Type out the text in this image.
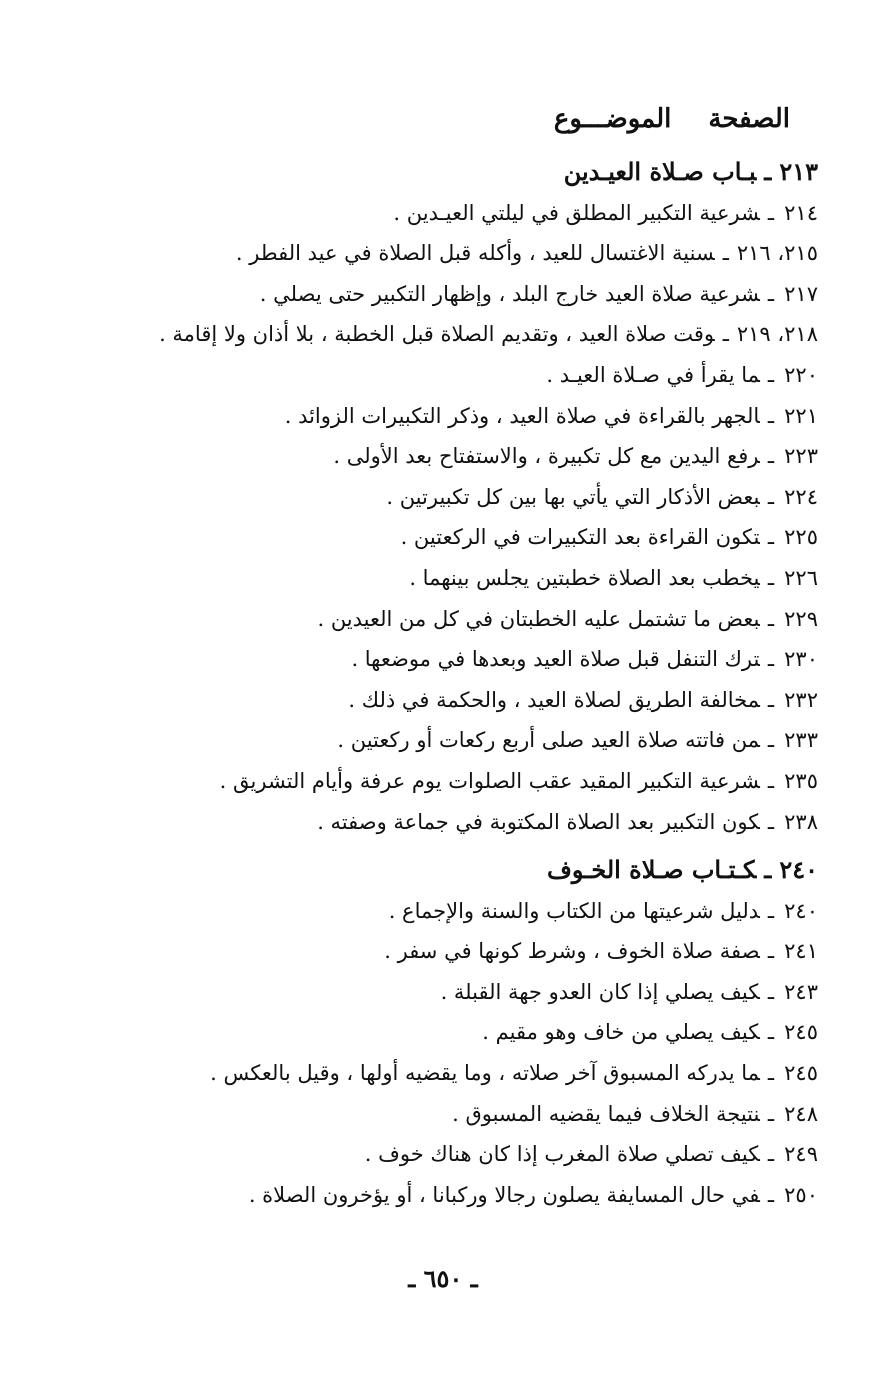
الصفحة الموضـــوع
٢١٣ـبـاب صـلاة العيـدين
٢١٤ـشرعية التكبير المطلق في ليلتي العيـدين .
٢١٥، ٢١٦ـسنية الاغتسال للعيد ، وأكله قبل الصلاة في عيد الفطر .
٢١٧ـشرعية صلاة العيد خارج البلد ، وإظهار التكبير حتى يصلي .
٢١٨، ٢١٩ـوقت صلاة العيد ، وتقديم الصلاة قبل الخطبة ، بلا أذان ولا إقامة .
٢٢٠ـما يقرأ في صـلاة العيـد .
٢٢١ـالجهر بالقراءة في صلاة العيد ، وذكر التكبيرات الزوائد .
٢٢٣ـرفع اليدين مع كل تكبيرة ، والاستفتاح بعد الأولى .
٢٢٤ـبعض الأذكار التي يأتي بها بين كل تكبيرتين .
٢٢٥ـتكون القراءة بعد التكبيرات في الركعتين .
٢٢٦ـيخطب بعد الصلاة خطبتين يجلس بينهما .
٢٢٩ـبعض ما تشتمل عليه الخطبتان في كل من العيدين .
٢٣٠ـترك التنفل قبل صلاة العيد وبعدها في موضعها .
٢٣٢ـمخالفة الطريق لصلاة العيد ، والحكمة في ذلك .
٢٣٣ـمن فاتته صلاة العيد صلى أربع ركعات أو ركعتين .
٢٣٥ـشرعية التكبير المقيد عقب الصلوات يوم عرفة وأيام التشريق .
٢٣٨ـكون التكبير بعد الصلاة المكتوبة في جماعة وصفته .
٢٤٠ـكـتـاب صـلاة الخـوف
٢٤٠ـدليل شرعيتها من الكتاب والسنة والإجماع .
٢٤١ـصفة صلاة الخوف ، وشرط كونها في سفر .
٢٤٣ـكيف يصلي إذا كان العدو جهة القبلة .
٢٤٥ـكيف يصلي من خاف وهو مقيم .
٢٤٥ـما يدركه المسبوق آخر صلاته ، وما يقضيه أولها ، وقيل بالعكس .
٢٤٨ـنتيجة الخلاف فيما يقضيه المسبوق .
٢٤٩ـكيف تصلي صلاة المغرب إذا كان هناك خوف .
٢٥٠ـفي حال المسايفة يصلون رجالا وركبانا ، أو يؤخرون الصلاة .
ـ ٦٥٠ ـ
